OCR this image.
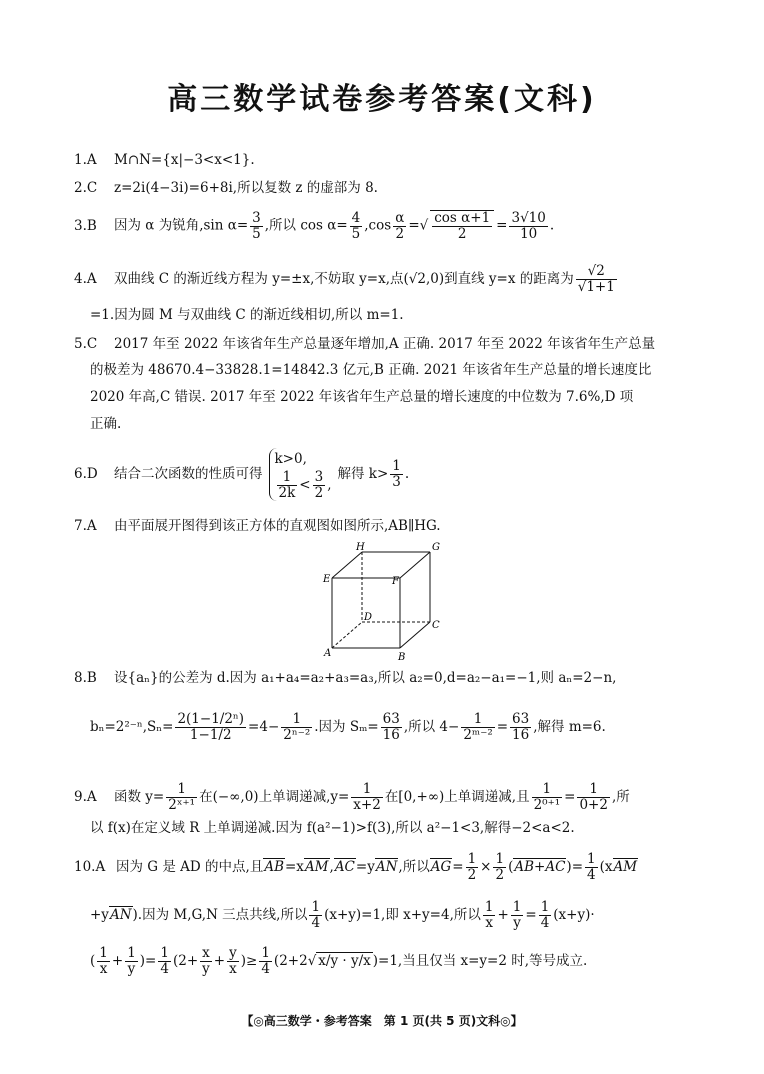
高三数学试卷参考答案(文科)
1.A M∩N={x|−3<x<1}.
2.C z=2i(4−3i)=6+8i,所以复数 z 的虚部为 8.
3.B 因为 α 为锐角,sin $\alpha= \frac{3}{5}$ ,所以 $\cos \alpha= \frac{4}{5} ,\cos \frac{\alpha}{2}$ =√ $\frac{\text{cos α+1}}{2} = \frac{3√10}{10}$ .
4.A 双曲线 C 的渐近线方程为 y=±x,不妨取 y=x,点(√2,0)到直线 y=x 的距离为 $\frac{√2}{√1+1}$
=1.因为圆 M 与双曲线 C 的渐近线相切,所以 m=1.
5.C 2017 年至 2022 年该省年生产总量逐年增加,A 正确. 2017 年至 2022 年该省年生产总量
的极差为 48670.4−33828.1=14842.3 亿元,B 正确. 2021 年该省年生产总量的增长速度比
2020 年高,C 错误. 2017 年至 2022 年该省年生产总量的增长速度的中位数为 7.6%,D 项
正确.
6.D 结合二次函数的性质可得
k>0,
$\frac{1}{2k} < \frac{3}{2}$ ,
解得 $k> \frac{1}{3}$ .
7.A 由平面展开图得到该正方体的直观图如图所示,AB∥HG.
H	G
E	F
D
C
A	B
8.B 设{aₙ}的公差为 d.因为 a₁+a₄=a₂+a₃=a₃,所以 a₂=0,d=a₂−a₁=−1,则 aₙ=2−n,
$b_n=2^{2-n},S_n= \frac{\text{2(1−1/2ⁿ)}}{1-1/2} =4- \frac{1}{\text{2ⁿ⁻²}}$ .因为 $S_m= \frac{63}{16}$ ,所以 $4- \frac{1}{\text{2ᵐ⁻²}} = \frac{63}{16}$ ,解得 m=6.
9.A 函数 $y= \frac{1}{\text{2ˣ⁺¹}}$ 在(−∞,0)上单调递减$,y= \frac{1}{x+2}$ 在[0,+∞)上单调递减,且 $\frac{1}{\text{2⁰⁺¹}} = \frac{1}{0+2}$ ,所
以 f(x)在定义域 R 上单调递减.因为 f(a²−1)>f(3),所以 a²−1<3,解得−2<a<2.
10.A 因为 G 是 AD 的中点,且AB=xAM,AC=yAN,所以$AG= \frac{1}{2} \times \frac{1}{2} (AB+AC)= \frac{1}{4} (xAM$
+yAN).因为 M,G,N 三点共线,所以 $\frac{1}{4} (x+y)=1$,即 x+y=4,所以 $\frac{1}{x} + \frac{1}{y} = \frac{1}{4} (x+y)\cdot$
( $\frac{1}{x} + \frac{1}{y}$ )= $\frac{1}{4} (2+ \frac{x}{y} + \frac{y}{x}$ )≥ $\frac{1}{4} (2+2√$ x/y · y/x )=1,当且仅当 x=y=2 时,等号成立.
【◎高三数学・参考答案　第 1 页(共 5 页)文科◎】
